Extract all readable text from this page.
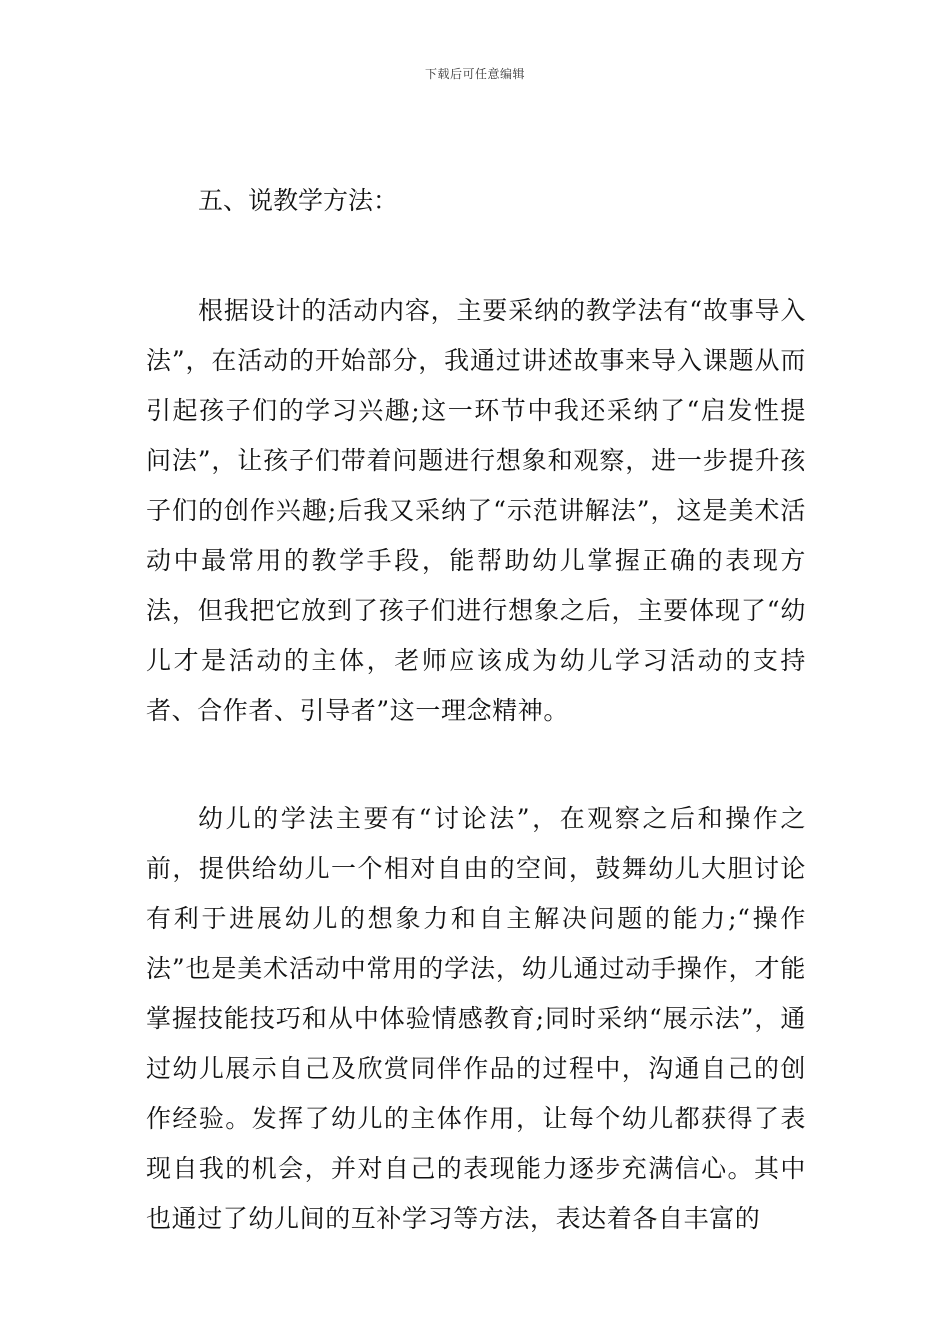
下载后可任意编辑

五、说教学方法：

根据设计的活动内容，主要采纳的教学法有“故事导入法”，在活动的开始部分，我通过讲述故事来导入课题从而引起孩子们的学习兴趣;这一环节中我还采纳了“启发性提问法”，让孩子们带着问题进行想象和观察，进一步提升孩子们的创作兴趣;后我又采纳了“示范讲解法”，这是美术活动中最常用的教学手段，能帮助幼儿掌握正确的表现方法，但我把它放到了孩子们进行想象之后，主要体现了“幼儿才是活动的主体，老师应该成为幼儿学习活动的支持者、合作者、引导者”这一理念精神。

幼儿的学法主要有“讨论法”，在观察之后和操作之前，提供给幼儿一个相对自由的空间，鼓舞幼儿大胆讨论有利于进展幼儿的想象力和自主解决问题的能力;“操作法”也是美术活动中常用的学法，幼儿通过动手操作，才能掌握技能技巧和从中体验情感教育;同时采纳“展示法”，通过幼儿展示自己及欣赏同伴作品的过程中，沟通自己的创作经验。发挥了幼儿的主体作用，让每个幼儿都获得了表现自我的机会，并对自己的表现能力逐步充满信心。其中也通过了幼儿间的互补学习等方法，表达着各自丰富的
